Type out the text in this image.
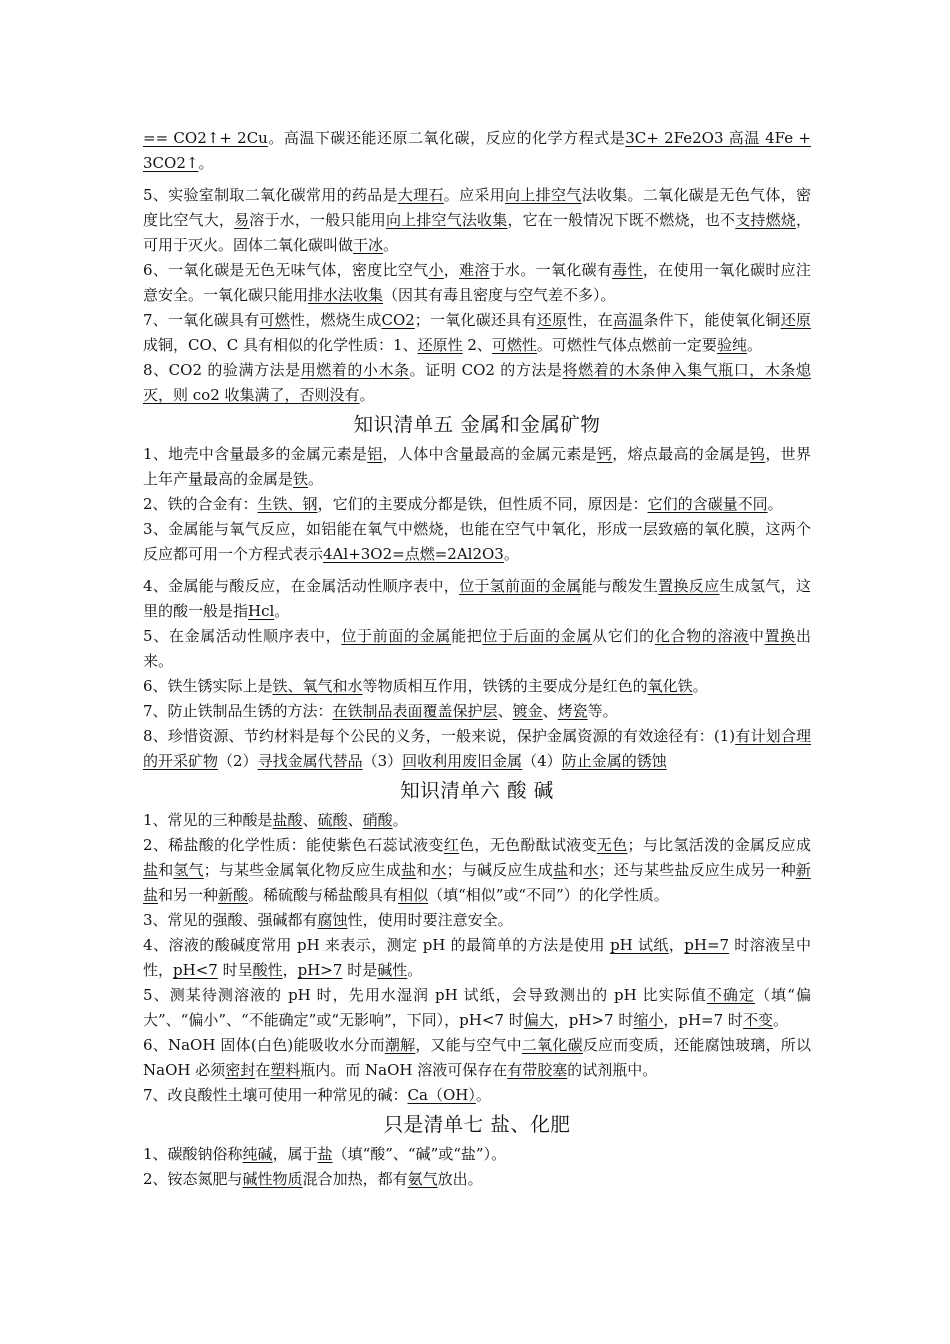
== CO2↑+ 2Cu。高温下碳还能还原二氧化碳，反应的化学方程式是3C+ 2Fe2O3 高温 4Fe + 3CO2↑。

5、实验室制取二氧化碳常用的药品是大理石。应采用向上排空气法收集。二氧化碳是无色气体，密度比空气大，易溶于水，一般只能用向上排空气法收集，它在一般情况下既不燃烧，也不支持燃烧，可用于灭火。固体二氧化碳叫做干冰。

6、一氧化碳是无色无味气体，密度比空气小，难溶于水。一氧化碳有毒性，在使用一氧化碳时应注意安全。一氧化碳只能用排水法收集（因其有毒且密度与空气差不多）。

7、一氧化碳具有可燃性，燃烧生成CO2；一氧化碳还具有还原性，在高温条件下，能使氧化铜还原成铜，CO、C 具有相似的化学性质：1、还原性 2、可燃性。可燃性气体点燃前一定要验纯。

8、CO2 的验满方法是用燃着的小木条。证明 CO2 的方法是将燃着的木条伸入集气瓶口，木条熄灭，则 co2 收集满了，否则没有。

知识清单五 金属和金属矿物

1、地壳中含量最多的金属元素是铝，人体中含量最高的金属元素是钙，熔点最高的金属是钨，世界上年产量最高的金属是铁。

2、铁的合金有：生铁、钢，它们的主要成分都是铁，但性质不同，原因是：它们的含碳量不同。

3、金属能与氧气反应，如铝能在氧气中燃烧，也能在空气中氧化，形成一层致癌的氧化膜，这两个反应都可用一个方程式表示4Al+3O2=点燃=2Al2O3。

4、金属能与酸反应，在金属活动性顺序表中，位于氢前面的金属能与酸发生置换反应生成氢气，这里的酸一般是指Hcl。

5、在金属活动性顺序表中，位于前面的金属能把位于后面的金属从它们的化合物的溶液中置换出来。

6、铁生锈实际上是铁、氧气和水等物质相互作用，铁锈的主要成分是红色的氧化铁。

7、防止铁制品生锈的方法：在铁制品表面覆盖保护层、镀金、烤瓷等。

8、珍惜资源、节约材料是每个公民的义务，一般来说，保护金属资源的有效途径有：(1)有计划合理的开采矿物（2）寻找金属代替品（3）回收利用废旧金属（4）防止金属的锈蚀

知识清单六 酸 碱

1、常见的三种酸是盐酸、硫酸、硝酸。

2、稀盐酸的化学性质：能使紫色石蕊试液变红色，无色酚酞试液变无色；与比氢活泼的金属反应成盐和氢气；与某些金属氧化物反应生成盐和水；与碱反应生成盐和水；还与某些盐反应生成另一种新盐和另一种新酸。稀硫酸与稀盐酸具有相似（填“相似”或“不同”）的化学性质。

3、常见的强酸、强碱都有腐蚀性，使用时要注意安全。

4、溶液的酸碱度常用 pH 来表示，测定 pH 的最简单的方法是使用 pH 试纸，pH=7 时溶液呈中性，pH<7 时呈酸性，pH>7 时是碱性。

5、测某待测溶液的 pH 时，先用水湿润 pH 试纸，会导致测出的 pH 比实际值不确定（填“偏大”、“偏小”、“不能确定”或“无影响”，下同），pH<7 时偏大，pH>7 时缩小，pH=7 时不变。

6、NaOH 固体(白色)能吸收水分而潮解，又能与空气中二氧化碳反应而变质，还能腐蚀玻璃，所以 NaOH 必须密封在塑料瓶内。而 NaOH 溶液可保存在有带胶塞的试剂瓶中。

7、改良酸性土壤可使用一种常见的碱：Ca（OH）。

只是清单七 盐、化肥

1、碳酸钠俗称纯碱，属于盐（填“酸”、“碱”或“盐”）。

2、铵态氮肥与碱性物质混合加热，都有氨气放出。
